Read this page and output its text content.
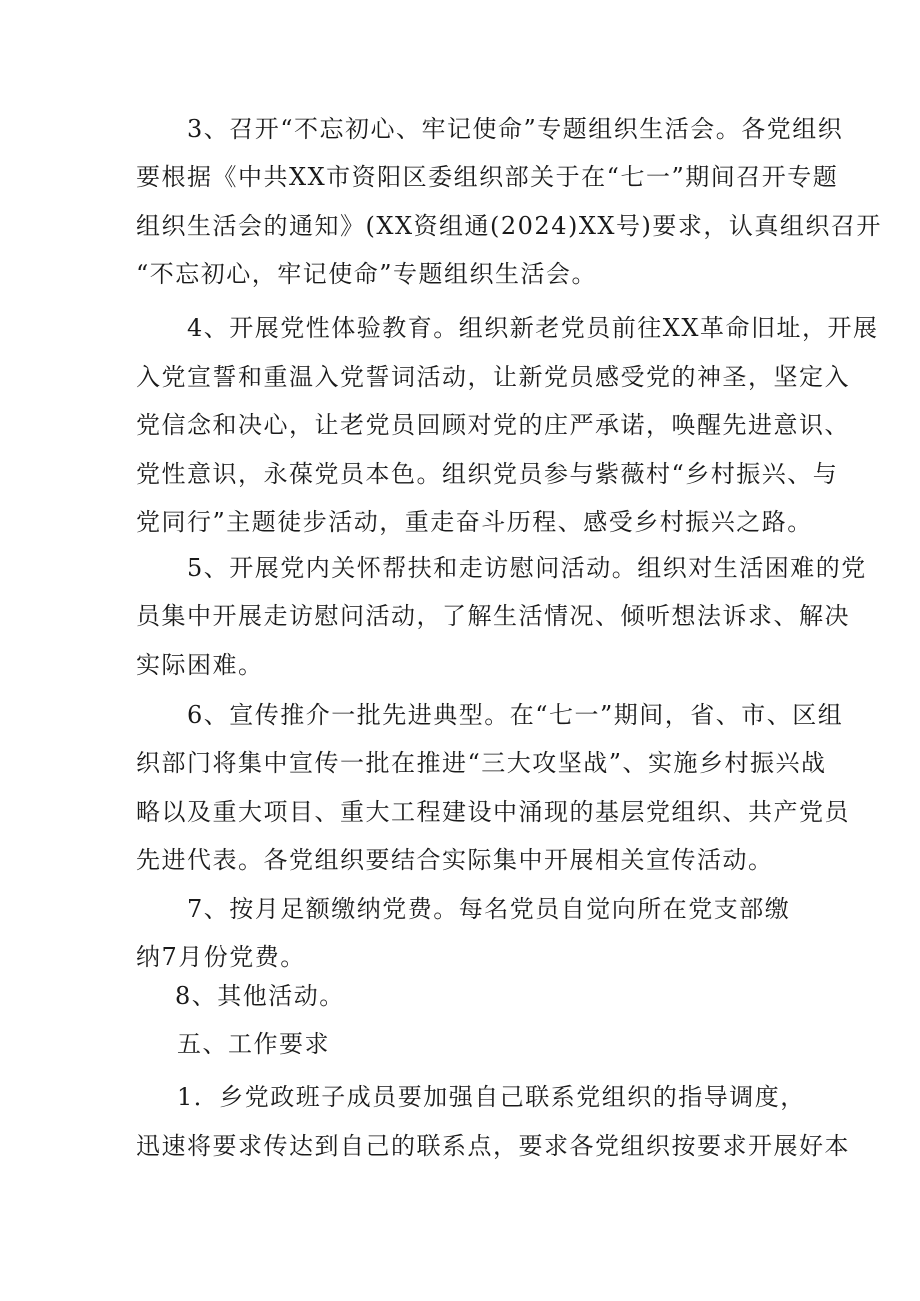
3、召开“不忘初心、牢记使命”专题组织生活会。各党组织
要根据《中共XX市资阳区委组织部关于在“七一”期间召开专题
组织生活会的通知》(XX资组通(2024)XX号)要求，认真组织召开
“不忘初心，牢记使命”专题组织生活会。
4、开展党性体验教育。组织新老党员前往XX革命旧址，开展
入党宣誓和重温入党誓词活动，让新党员感受党的神圣，坚定入
党信念和决心，让老党员回顾对党的庄严承诺，唤醒先进意识、
党性意识，永葆党员本色。组织党员参与紫薇村“乡村振兴、与
党同行”主题徒步活动，重走奋斗历程、感受乡村振兴之路。
5、开展党内关怀帮扶和走访慰问活动。组织对生活困难的党
员集中开展走访慰问活动，了解生活情况、倾听想法诉求、解决
实际困难。
6、宣传推介一批先进典型。在“七一”期间，省、市、区组
织部门将集中宣传一批在推进“三大攻坚战”、实施乡村振兴战
略以及重大项目、重大工程建设中涌现的基层党组织、共产党员
先进代表。各党组织要结合实际集中开展相关宣传活动。
7、按月足额缴纳党费。每名党员自觉向所在党支部缴
纳7月份党费。
8、其他活动。
五、工作要求
1．乡党政班子成员要加强自己联系党组织的指导调度，
迅速将要求传达到自己的联系点，要求各党组织按要求开展好本
